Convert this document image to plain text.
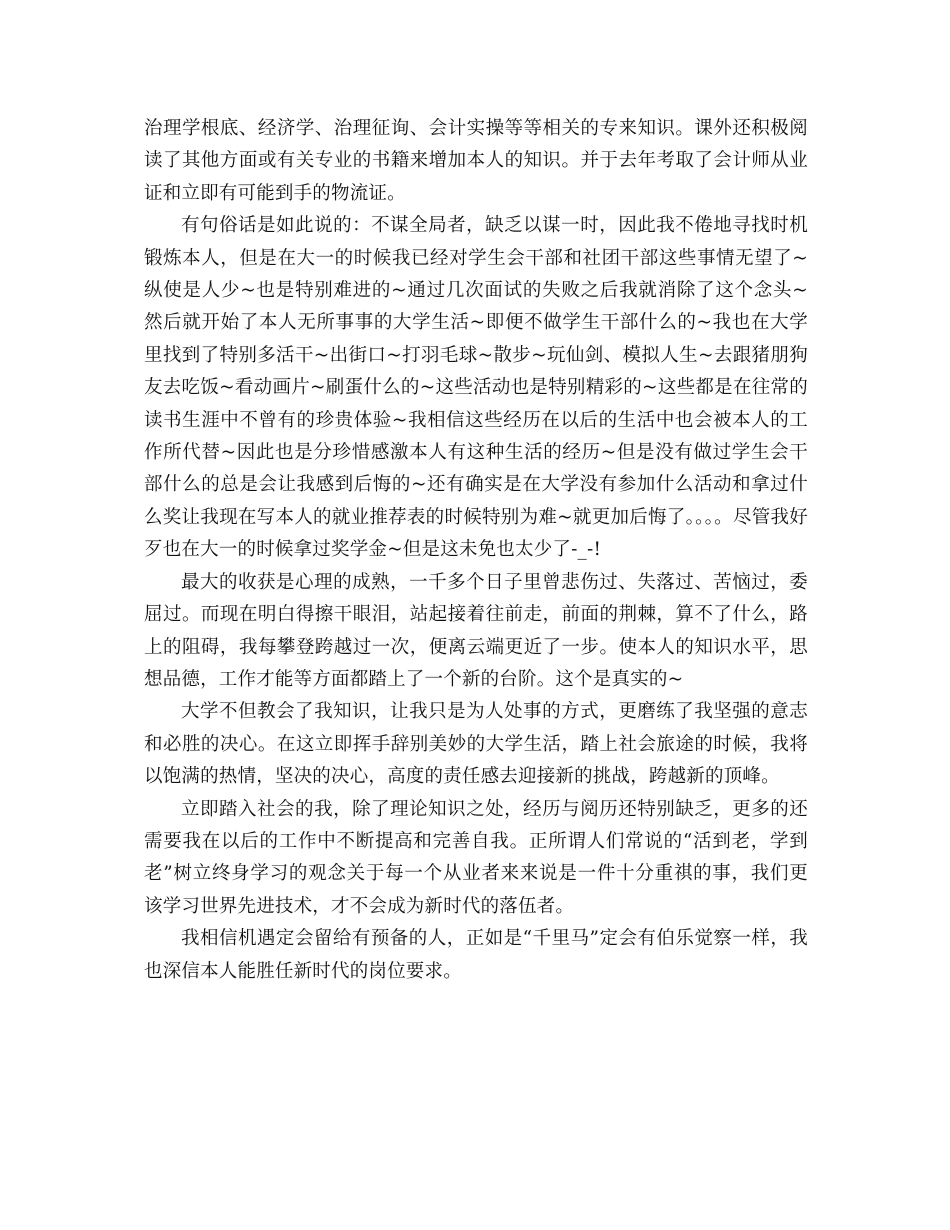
治理学根底、经济学、治理征询、会计实操等等相关的专来知识。课外还积极阅读了其他方面或有关专业的书籍来增加本人的知识。并于去年考取了会计师从业证和立即有可能到手的物流证。

有句俗话是如此说的：不谋全局者，缺乏以谋一时，因此我不倦地寻找时机锻炼本人，但是在大一的时候我已经对学生会干部和社团干部这些事情无望了~纵使是人少~也是特别难进的~通过几次面试的失败之后我就消除了这个念头~然后就开始了本人无所事事的大学生活~即便不做学生干部什么的~我也在大学里找到了特别多活干~出街口~打羽毛球~散步~玩仙剑、模拟人生~去跟猪朋狗友去吃饭~看动画片~刷蛋什么的~这些活动也是特别精彩的~这些都是在往常的读书生涯中不曾有的珍贵体验~我相信这些经历在以后的生活中也会被本人的工作所代替~因此也是分珍惜感激本人有这种生活的经历~但是没有做过学生会干部什么的总是会让我感到后悔的~还有确实是在大学没有参加什么活动和拿过什么奖让我现在写本人的就业推荐表的时候特别为难~就更加后悔了。。。。尽管我好歹也在大一的时候拿过奖学金~但是这未免也太少了-_-!

最大的收获是心理的成熟，一千多个日子里曾悲伤过、失落过、苦恼过，委屈过。而现在明白得擦干眼泪，站起接着往前走，前面的荆棘，算不了什么，路上的阻碍，我每攀登跨越过一次，便离云端更近了一步。使本人的知识水平，思想品德，工作才能等方面都踏上了一个新的台阶。这个是真实的~

大学不但教会了我知识，让我只是为人处事的方式，更磨练了我坚强的意志和必胜的决心。在这立即挥手辞别美妙的大学生活，踏上社会旅途的时候，我将以饱满的热情，坚决的决心，高度的责任感去迎接新的挑战，跨越新的顶峰。

立即踏入社会的我，除了理论知识之处，经历与阅历还特别缺乏，更多的还需要我在以后的工作中不断提高和完善自我。正所谓人们常说的“活到老，学到老”树立终身学习的观念关于每一个从业者来来说是一件十分重祺的事，我们更该学习世界先进技术，才不会成为新时代的落伍者。

我相信机遇定会留给有预备的人，正如是“千里马”定会有伯乐觉察一样，我也深信本人能胜任新时代的岗位要求。
